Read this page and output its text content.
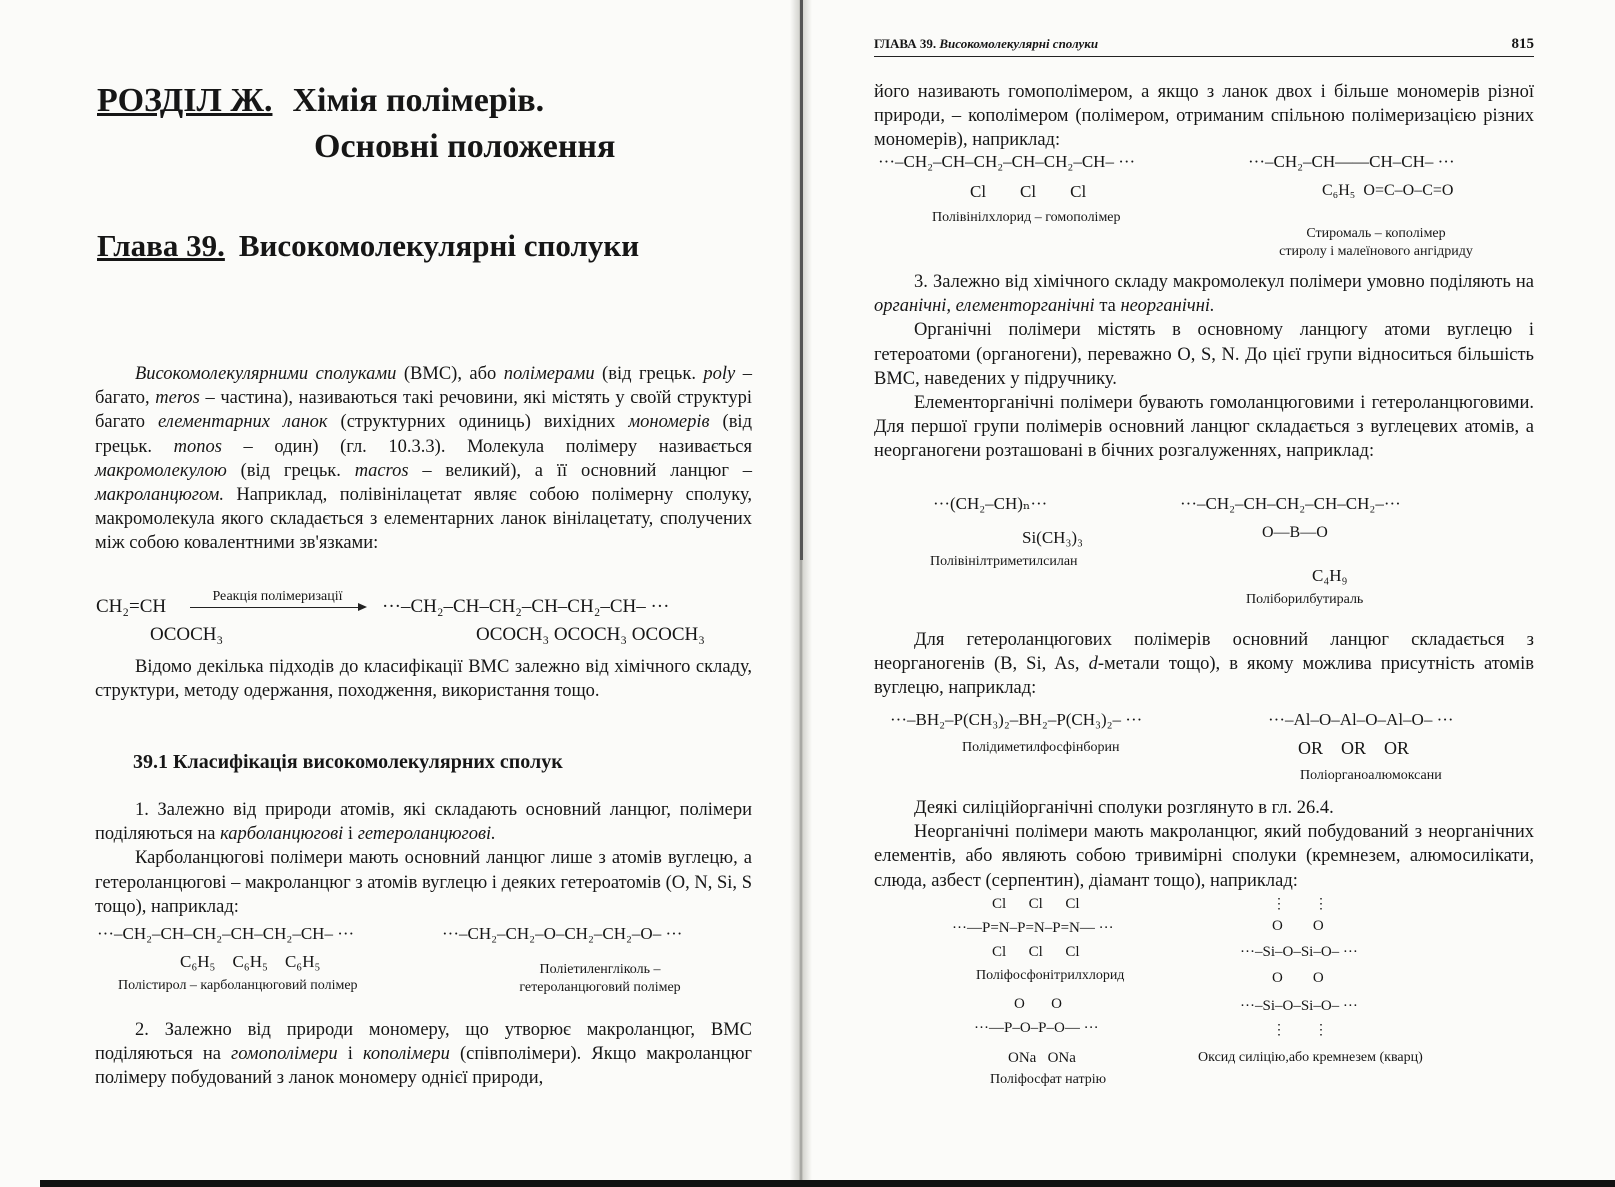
РОЗДІЛ Ж. Хімія полімерів.
Основні положення
Глава 39. Високомолекулярні сполуки

Високомолекулярними сполуками (ВМС), або полімерами (від грецьк. poly – багато, meros – частина), називаються такі речовини, які містять у своїй структурі багато елементарних ланок (структурних одиниць) вихідних мономерів (від грецьк. monos – один) (гл. 10.3.3). Молекула полімеру називається макромолекулою (від грецьк. macros – великий), а її основний ланцюг – макроланцюгом. Наприклад, полівінілацетат являє собою полімерну сполуку, макромолекула якого складається з елементарних ланок вінілацетату, сполучених між собою ковалентними зв'язками:

CH₂=CH
OCOCH₃
Реакція полімеризації	···–CH₂–CH–CH₂–CH–CH₂–CH– ···
OCOCH₃ OCOCH₃ OCOCH₃

Відомо декілька підходів до класифікації ВМС залежно від хімічного складу, структури, методу одержання, походження, використання тощо.

39.1 Класифікація високомолекулярних сполук

1. Залежно від природи атомів, які складають основний ланцюг, полімери поділяються на карболанцюгові і гетероланцюгові.

Карболанцюгові полімери мають основний ланцюг лише з атомів вуглецю, а гетероланцюгові – макроланцюг з атомів вуглецю і деяких гетероатомів (O, N, Si, S тощо), наприклад:

···–CH₂–CH–CH₂–CH–CH₂–CH– ···
C₆H₅    C₆H₅    C₆H₅
Полістирол – карболанцюговий полімер
···–CH₂–CH₂–O–CH₂–CH₂–O– ···
Поліетиленгліколь –
гетероланцюговий полімер

2. Залежно від природи мономеру, що утворює макроланцюг, ВМС поділяються на гомополімери і кополімери (співполімери). Якщо макроланцюг полімеру побудований з ланок мономеру однієї природи,

ГЛАВА 39. Високомолекулярні сполуки	815

його називають гомополімером, а якщо з ланок двох і більше мономерів різної природи, – кополімером (полімером, отриманим спільною полімеризацією різних мономерів), наприклад:

···–CH₂–CH–CH₂–CH–CH₂–CH– ···
Cl        Cl        Cl
Полівінілхлорид – гомополімер
···–CH₂–CH——CH–CH– ···
C₆H₅  O=C–O–C=O
Стиромаль – кополімер
стиролу і малеїнового ангідриду

3. Залежно від хімічного складу макромолекул полімери умовно поділяють на органічні, елементорганічні та неорганічні.

Органічні полімери містять в основному ланцюгу атоми вуглецю і гетероатоми (органогени), переважно O, S, N. До цієї групи відноситься більшість ВМС, наведених у підручнику.

Елементорганічні полімери бувають гомоланцюговими і гетероланцюговими. Для першої групи полімерів основний ланцюг складається з вуглецевих атомів, а неорганогени розташовані в бічних розгалуженнях, наприклад:

···(CH₂–CH)ₙ···
Si(CH₃)₃
Полівінілтриметилсилан
···–CH₂–CH–CH₂–CH–CH₂–···
O—B—O
C₄H₉
Поліборилбутираль

Для гетероланцюгових полімерів основний ланцюг складається з неорганогенів (B, Si, As, d-метали тощо), в якому можлива присутність атомів вуглецю, наприклад:

···–BH₂–P(CH₃)₂–BH₂–P(CH₃)₂– ···
Полідиметилфосфінборин
···–Al–O–Al–O–Al–O– ···
OR    OR    OR
Поліорганоалюмоксани

Деякі силіційорганічні сполуки розглянуто в гл. 26.4.

Неорганічні полімери мають макроланцюг, який побудований з неорганічних елементів, або являють собою тривимірні сполуки (кремнезем, алюмосилікати, слюда, азбест (серпентин), діамант тощо), наприклад:

Cl      Cl      Cl
···—P=N–P=N–P=N— ···
Cl      Cl      Cl
Поліфосфонітрилхлорид
O       O
···—P–O–P–O— ···
ONa   ONa
Поліфосфат натрію
⋮        ⋮
O        O
···–Si–O–Si–O– ···
O        O
···–Si–O–Si–O– ···
⋮        ⋮
Оксид силіцію,або кремнезем (кварц)
